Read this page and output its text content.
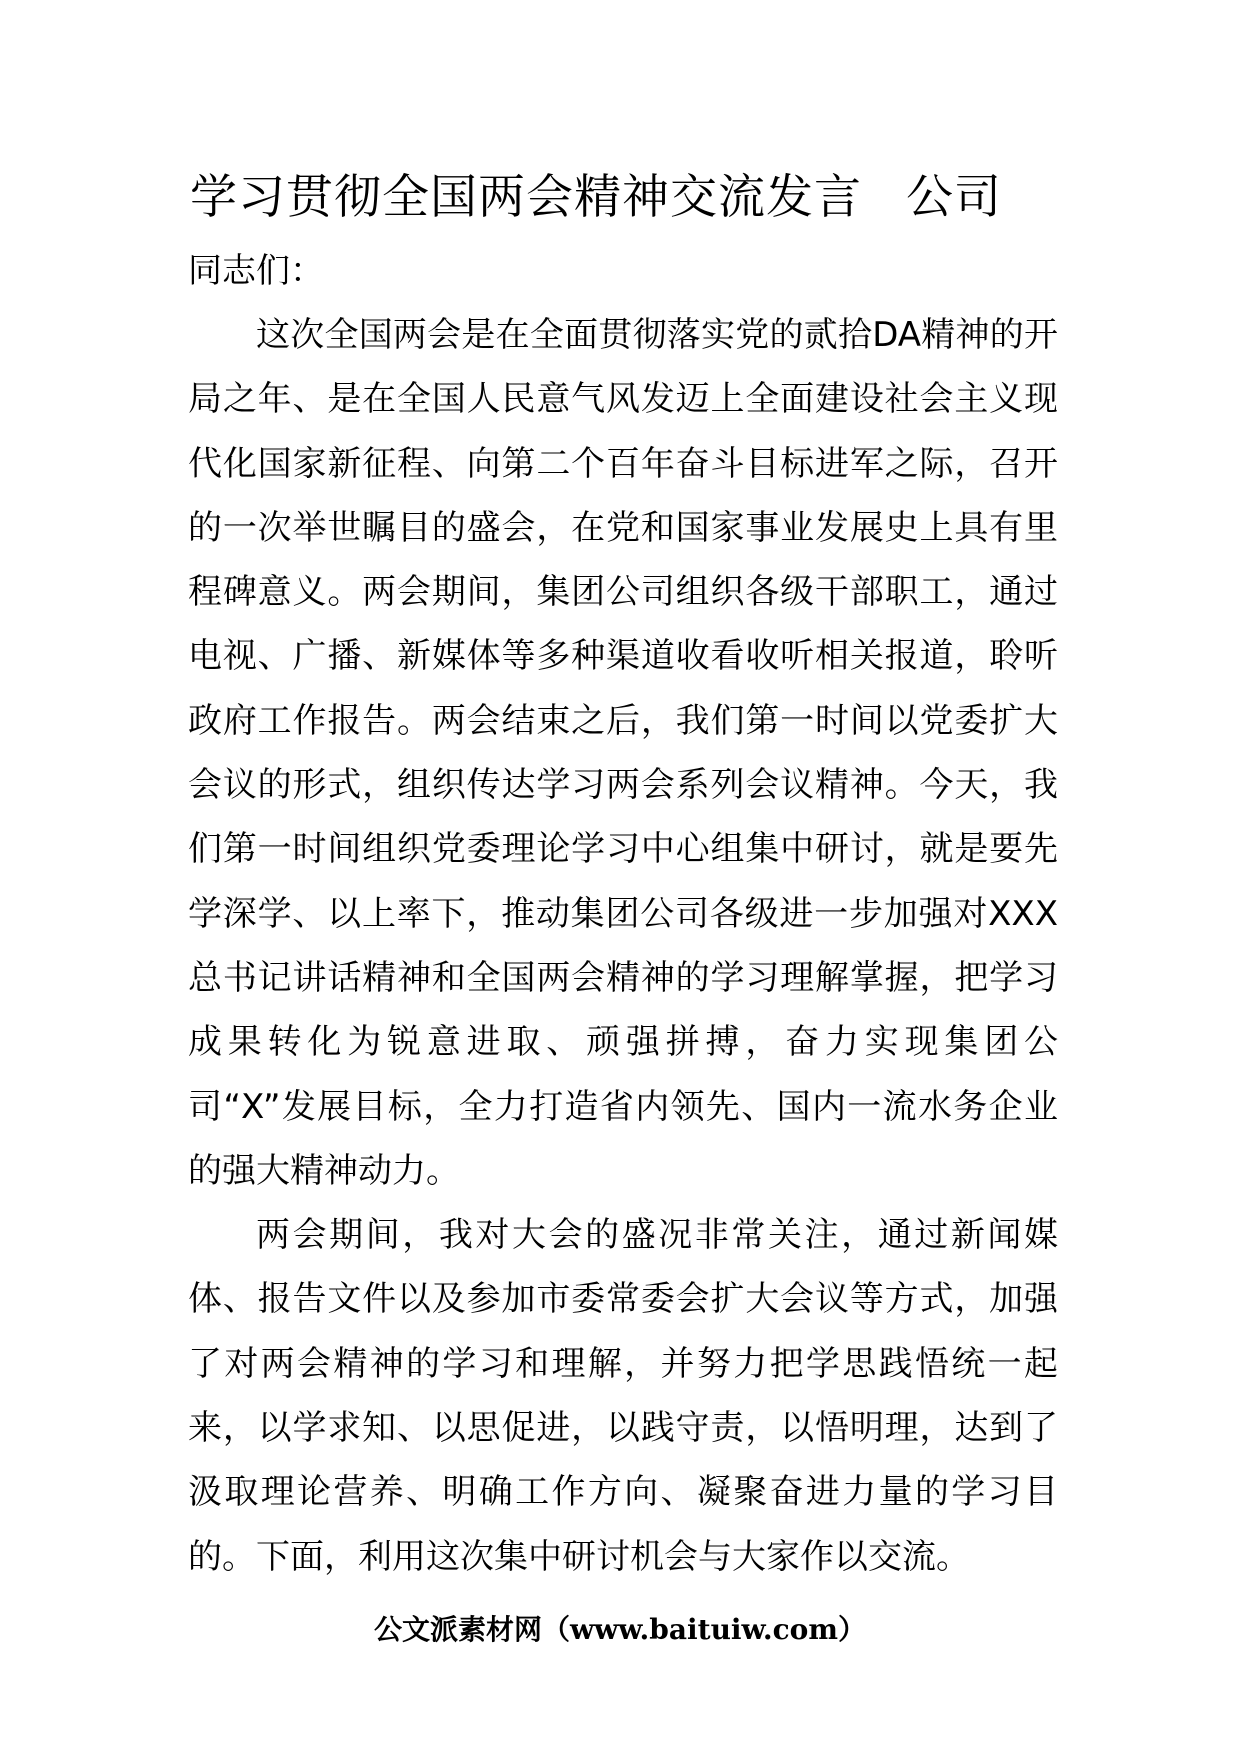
学习贯彻全国两会精神交流发言 公司

同志们：

这次全国两会是在全面贯彻落实党的贰拾DA精神的开局之年、是在全国人民意气风发迈上全面建设社会主义现代化国家新征程、向第二个百年奋斗目标进军之际，召开的一次举世瞩目的盛会，在党和国家事业发展史上具有里程碑意义。两会期间，集团公司组织各级干部职工，通过电视、广播、新媒体等多种渠道收看收听相关报道，聆听政府工作报告。两会结束之后，我们第一时间以党委扩大会议的形式，组织传达学习两会系列会议精神。今天，我们第一时间组织党委理论学习中心组集中研讨，就是要先学深学、以上率下，推动集团公司各级进一步加强对XXX总书记讲话精神和全国两会精神的学习理解掌握，把学习成果转化为锐意进取、顽强拼搏，奋力实现集团公司“X”发展目标，全力打造省内领先、国内一流水务企业的强大精神动力。

两会期间，我对大会的盛况非常关注，通过新闻媒体、报告文件以及参加市委常委会扩大会议等方式，加强了对两会精神的学习和理解，并努力把学思践悟统一起来，以学求知、以思促进，以践守责，以悟明理，达到了汲取理论营养、明确工作方向、凝聚奋进力量的学习目的。下面，利用这次集中研讨机会与大家作以交流。

公文派素材网（www.baituiw.com）
